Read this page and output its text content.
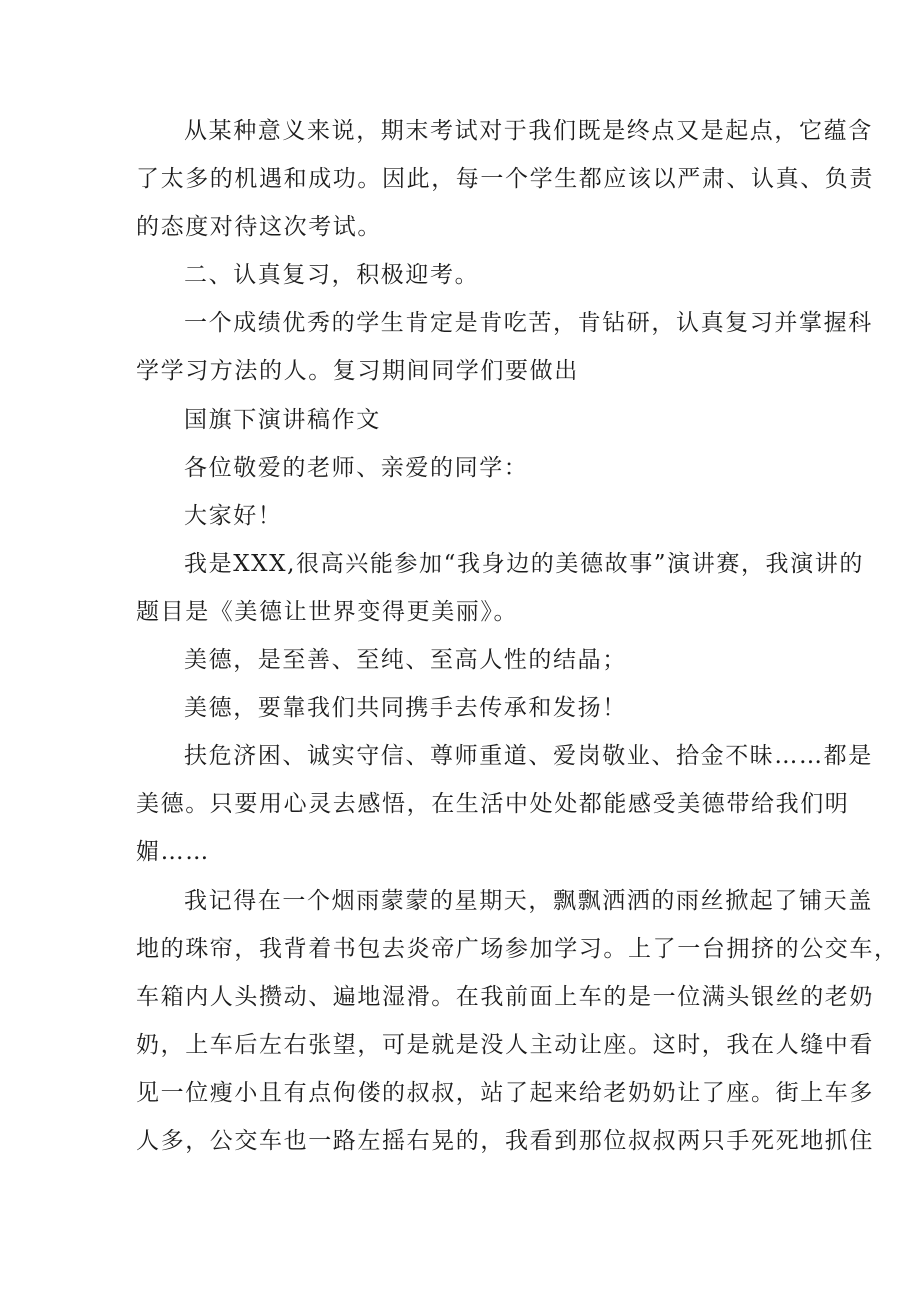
从某种意义来说，期末考试对于我们既是终点又是起点，它蕴含
了太多的机遇和成功。因此，每一个学生都应该以严肃、认真、负责
的态度对待这次考试。
二、认真复习，积极迎考。
一个成绩优秀的学生肯定是肯吃苦，肯钻研，认真复习并掌握科
学学习方法的人。复习期间同学们要做出
国旗下演讲稿作文
各位敬爱的老师、亲爱的同学：
大家好！
我是XXX,很高兴能参加“我身边的美德故事”演讲赛，我演讲的
题目是《美德让世界变得更美丽》。
美德，是至善、至纯、至高人性的结晶；
美德，要靠我们共同携手去传承和发扬！
扶危济困、诚实守信、尊师重道、爱岗敬业、拾金不昧……都是
美德。只要用心灵去感悟，在生活中处处都能感受美德带给我们明
媚……
我记得在一个烟雨蒙蒙的星期天，飘飘洒洒的雨丝掀起了铺天盖
地的珠帘，我背着书包去炎帝广场参加学习。上了一台拥挤的公交车，
车箱内人头攒动、遍地湿滑。在我前面上车的是一位满头银丝的老奶
奶，上车后左右张望，可是就是没人主动让座。这时，我在人缝中看
见一位瘦小且有点佝偻的叔叔，站了起来给老奶奶让了座。街上车多
人多，公交车也一路左摇右晃的，我看到那位叔叔两只手死死地抓住
